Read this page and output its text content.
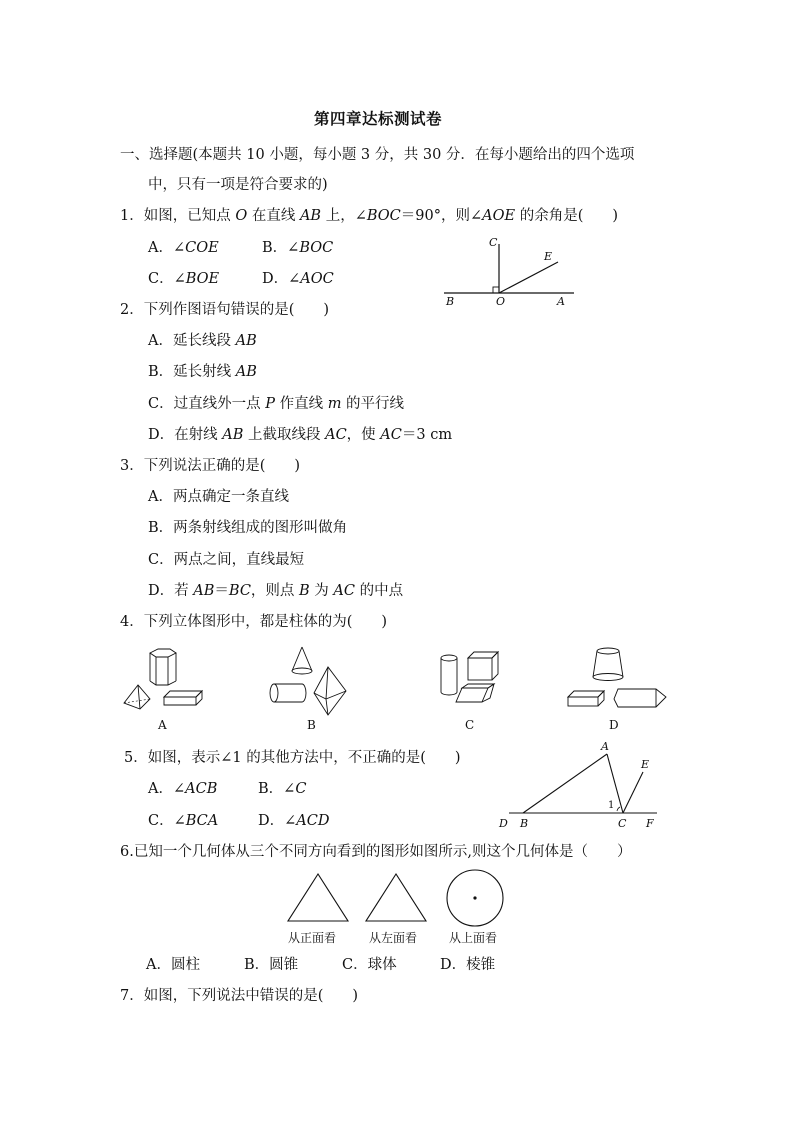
第四章达标测试卷
一、选择题(本题共 10 小题，每小题 3 分，共 30 分．在每小题给出的四个选项
中，只有一项是符合要求的)
1．如图，已知点 O 在直线 AB 上，∠BOC＝90°，则∠AOE 的余角是(　　)
A．∠COE	B．∠BOC
C．∠BOE	D．∠AOC
C
E
B	O	A
2．下列作图语句错误的是(　　)
A．延长线段 AB
B．延长射线 AB
C．过直线外一点 P 作直线 m 的平行线
D．在射线 AB 上截取线段 AC，使 AC＝3 cm
3．下列说法正确的是(　　)
A．两点确定一条直线
B．两条射线组成的图形叫做角
C．两点之间，直线最短
D．若 AB＝BC，则点 B 为 AC 的中点
4．下列立体图形中，都是柱体的为(　　)
A	B	C	D
5．如图，表示∠1 的其他方法中，不正确的是(　　)
A．∠ACB	B．∠C
C．∠BCA	D．∠ACD
A
E
1
D B	C F
6.已知一个几何体从三个不同方向看到的图形如图所示,则这个几何体是（　　）
从正面看	从左面看	从上面看
A．圆柱	B．圆锥	C．球体	D．棱锥
7．如图，下列说法中错误的是(　　)
